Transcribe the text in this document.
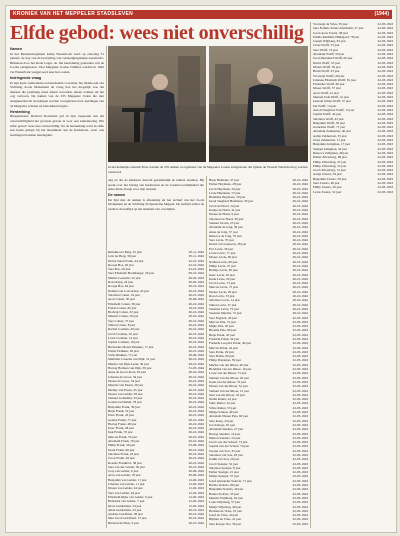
KRONIEK VAN HET MEPPELER STADSLEVEN	(1944)
Elfde gebod: wees niet onverschillig
In het kerkelijk centrum Trias werden de 235 namen voorgelezen van de Meppeler Joodse stadgenoten die tijdens de Tweede Wereldoorlog werden vermoord.
Namen

In het Bestuurslogement kamp Westerbork werd op zaterdag 31 januari, de dag van de bevrijding van vernietigingskamp Auschwitz-Birkenau door het Rode Leger, de 16e herdenking gehouden van de Joodse stadgenoten. Veel Meppeler Joodse families werden in 1942 via Westerbork weggevoerd naar het oosten.

Indringende vraag

In zijn korte welkomstwoord herhaalde voorzitter Jan Oldeboom van Stichting Joods Monument de vraag hoe het mogelijk was dat mensen die jarenlang naast elkaar woonden, elkaar zomaar uit het oog verloren. De namen van de 235 Meppeler Joden die niet terugkeerden uit de kampen werden voorgelezen door leerlingen van de Meppeler scholen en betrokken burgers.

Herdenking

Burgemeester Richard Korteland gaf in zijn toespraak aan dat onverschilligheid het grootste gevaar is voor een samenleving. Het elfde gebod: wees niet onverschillig. Na de herdenking werd in stilte een krans gelegd bij het monument aan de Kerkstraat, waar ook leerlingen bloemen neerlegden.

dag en dat de kinderen daarom gezamenlijk de namen noemen. Hij sprak over het belang van herinneren en de verantwoordelijkheid die ieder mens draagt voor zijn naasten.

De namen

De lijst met de namen is afkomstig uit het archief van het Joods Monument en de Stichting Stolpersteine Meppel. De leeftijd achter de naam is de leeftijd op het moment van overlijden.

Rebekka ter Berg, 32 jaar	05-11-1942
Levi ter Berg, 36 jaar	05-11-1942
David Jakob Polak, 44 jaar	22-10-1942
Roosje Bos, 29 jaar	22-10-1942
Sara Bos, 29 jaar	22-10-1942
Sara Elisabeth Bromberger, 29 jaar	09-10-1942
Martha Leeuwin, 32 jaar	26-02-1943
Rosa Rapp, 24 jaar	26-02-1943
Roosje Bos, 64 jaar	26-10-1942
Nathan van Coevorden, 45 jaar	26-10-1942
Salomon Cohen, 34 jaar	26-10-1942
Aron Cohen, 30 jaar	30-09-1942
Elisabeth Cohen, 36 jaar	26-10-1942
Freida Cohen, 60 jaar	19-10-1942
Hedwig Cohen, 32 jaar	26-10-1942
Maurits Cohen, 56 jaar	26-10-1942
Sara Cohen, 37 jaar	26-10-1942
Simon Cohen, 8 jaar	26-10-1942
Rachel Cosman, 40 jaar	26-10-1942
Jacob Cosman, 45 jaar	26-10-1942
Levie Cosman, 14 jaar	26-10-1942
Sophia Cosman, 18 jaar	26-10-1942
Bernardus Mozes Drukker, 17 jaar	26-10-1942
Esther Drukker, 26 jaar	26-10-1942
Sofia Drukker, 71 jaar	28-09-1942
Mathilde Cornelia van Dijk, 31 jaar	26-10-1942
Martha van Dijk-Lezer, 36 jaar	26-10-1942
Hartog Harmen van Dijk, 39 jaar	31-03-1944
Anna de Groot-Kool, 63 jaar	26-10-1942
Johanna de Groot, 34 jaar	26-10-1942
Mozes de Groot, 34 jaar	26-10-1942
Mauritz van Essen, 36 jaar	26-10-1942
Dientje van Essen, 45 jaar	26-10-1942
Mozes van Gelder, 58 jaar	26-10-1942
Samuel Goldsmid, 33 jaar	26-10-1942
Gosina Goldsmid, 78 jaar	26-10-1942
Benjamin Frank, 39 jaar	26-10-1942
Betje Frank, 52 jaar	26-10-1942
Ester Frank, 43 jaar	26-10-1942
Gezina Frank, 77 jaar	26-10-1942
Hartog Frank, 48 jaar	26-10-1942
Isaac Frank, 48 jaar	26-10-1942
Isak Frank, 70 jaar	26-10-1942
Marcus Frank, 35 jaar	26-10-1942
Abraham Frank, 76 jaar	26-10-1942
Philip Frank, 36 jaar	03-09-1942
Israel Frank, 69 jaar	26-10-1942
Salomon Frank, 43 jaar	26-10-1942
Jacob Frank, 28 jaar	26-10-1942
Rosette Frankfort, 38 jaar	26-10-1942
Sara van der Gelder, 36 jaar	26-10-1942
Joop van Gelder, 6 jaar	30-09-1942
Aron van Gelder, 78 jaar	30-09-1942
Benjamin van Gelder, 11 jaar	12-02-1943
Johanna van Gelder, 11 jaar	12-02-1943
Mozes van Gelder, 44 jaar	12-02-1943
Sara van Gelder, 44 jaar	12-02-1943
Elisabeth Rijke van Gelder, 6 jaar	12-02-1943
Henriette van Gelder, 7 jaar	12-02-1943
Klara Gelderman, 54 jaar	12-02-1943
Alida Gelderman, 43 jaar	26-10-1942
Andries Goldfried, 38 jaar	26-10-1942
Max Jacob Goldfried, 12 jaar	26-10-1942
Bernard de Haas, 6 jaar	26-10-1942
Betje Heimans, 37 jaar	26-10-1942
Esther Heymans, 28 jaar	26-10-1942
Jacob Heymans, 34 jaar	26-10-1942
Levie Heymans, 72 jaar	26-10-1942
Hendrika Heymans, 59 jaar	26-10-1942
Israel Siegfried Hofmann, 30 jaar	26-10-1942
Jacob de Hond, 14 jaar	26-10-1942
Kaatje de Hond, 41 jaar	26-10-1942
Mozes de Hond, 9 jaar	26-10-1942
Salomon de Hond, 39 jaar	26-10-1942
Samuel Jacobs, 25 jaar	26-10-1942
Abraham de Jong, 39 jaar	26-10-1942
Anna de Jong, 37 jaar	26-10-1942
Rebecca de Jong, 70 jaar	26-10-1942
Sara Levie, 70 jaar	26-10-1942
David van Leeuwen, 28 jaar	26-10-1942
Eva Levie, 36 jaar	26-10-1942
Levie Levie, 71 jaar	26-10-1942
Mozes Levie, 69 jaar	26-10-1942
Nathan Levie, 60 jaar	26-10-1942
Philip Levie, 47 jaar	26-10-1942
Heintje Levie, 40 jaar	26-10-1942
Isaac Levie, 63 jaar	26-10-1942
Izaak Levie, 20 jaar	26-10-1942
Jacob Levie, 73 jaar	26-10-1942
Marcus Levie, 75 jaar	26-10-1942
Mozes Levie, 29 jaar	26-10-1942
Rosa Levie, 33 jaar	26-10-1942
Salomon Levie, 14 jaar	26-10-1942
Simon Levie, 37 jaar	26-10-1942
Susanna Levie, 72 jaar	26-10-1942
Susanna Maurits, 72 jaar	26-10-1942
Sara Pagrach, 26 jaar	22-03-1943
Marcus Pais, 72 jaar	22-03-1943
Mijke Pais, 45 jaar	22-03-1943
Bloeme Pais, 80 jaar	22-03-1943
Betje Polak, 45 jaar	22-03-1943
Frederik Polak, 34 jaar	22-03-1943
Frederik Leopold Polak, 46 jaar	22-03-1943
Marcus Polak, 42 jaar	22-03-1943
Sara Polak, 29 jaar	22-03-1943
Sara Pruim, 69 jaar	22-03-1943
Philip Pruisman, 39 jaar	22-03-1943
Marthe van der Rhoer, 49 jaar	22-03-1943
Hendrika van der Rhoer, 16 jaar	22-03-1943
Levie van der Rhoer, 73 jaar	22-03-1943
Samuel van der Rhoer, 20 jaar	22-03-1943
Isaak van der Rhoer, 53 jaar	22-03-1943
Mozes van der Rhoer, 52 jaar	22-03-1943
Samuel van der Rhoer, 12 jaar	22-03-1943
Sara van der Rhoer, 32 jaar	22-03-1943
Nellie Ruiter, 24 jaar	22-03-1943
Sally Ruiter, 32 jaar	22-03-1943
Silvie Ruiter, 55 jaar	22-03-1943
Mietje Santen, 40 jaar	22-03-1943
Abraham Nissen Pais, 60 jaar	22-03-1943
Sara Roep, 43 jaar	22-03-1943
Jacob Roep, 81 jaar	22-03-1943
Abraham Sanders, 27 jaar	22-03-1943
Hartog Sanders, 14 jaar	22-03-1943
Marten Sanders, 52 jaar	22-03-1943
Jacob van der Schaaf, 73 jaar	22-03-1943
Sophia van der Schaaf, 74 jaar	22-03-1943
Saartje van Son, 35 jaar	22-03-1943
Salomon van Son, 63 jaar	22-03-1943
Judith van Son, 29 jaar	22-03-1943
Jacob Spanjar, 52 jaar	22-03-1943
Salomon Spanjar, 8 jaar	22-03-1943
Esther Spanjar, 21 jaar	22-03-1943
Mietje Spanjar, 57 jaar	22-03-1943
Jozef Alexander Stokvis, 71 jaar	22-03-1943
Bertha Stokvis, 69 jaar	22-03-1943
Benjamin Stokvis, 40 jaar	22-03-1943
Hanna Stokvis, 33 jaar	22-03-1943
Maurits Wijnberg, 62 jaar	22-03-1943
Louis Wijnberg, 57 jaar	22-03-1943
Mietje Wijnberg, 40 jaar	22-03-1943
Herman de Vries, 19 jaar	22-03-1943
Jozef de Vries, 44 jaar	22-03-1943
Hijman de Vries, 41 jaar	22-03-1943
Sara Roosje Vos, 36 jaar	22-03-1943
Vrouwtje de Vries, 39 jaar	22-03-1943
Sara Femma Trautz-Wertheim, 27 jaar	22-03-1943
Jacob Aron Trautz, 38 jaar	22-03-1943
Emilie Mathilde Hildegard, 78 jaar	22-03-1943
Joseph Wijnberg, 63 jaar	22-03-1943
Levie Wolff, 73 jaar	22-03-1943
Sara Wolff, 73 jaar	22-03-1943
Abraham Wolff, 50 jaar	22-03-1943
Jacob Bernhard Wolff, 60 jaar	22-03-1943
David Wolff, 53 jaar	22-03-1943
Mozes Wolff, 39 jaar	22-03-1943
Harm Wolff, 33 jaar	22-03-1943
Vrouwtje Wolff, 20 jaar	22-03-1943
Johanna Elisabeth Wolff, 81 jaar	22-03-1943
Frederika Wolff, 60 jaar	22-03-1943
Mozes Wolff, 57 jaar	22-03-1943
Aron Wolff, 41 jaar	22-03-1943
Manuel Juda Wolff, 41 jaar	22-03-1943
Gustaaf Julius Wolff, 37 jaar	22-03-1943
Ida Wolff, 14 jaar	22-03-1943
Arnold Siegfried Wolff, 13 jaar	22-03-1943
Sophie Wolff, 44 jaar	22-03-1943
Salomon Wolff, 43 jaar	22-03-1943
Benjamin Wolff, 39 jaar	22-03-1943
Gerardina Wolff, 71 jaar	22-03-1943
Abraham Zeldenrust, 40 jaar	22-03-1943
Aaltje Zeldenrust, 35 jaar	22-03-1943
Clara Zeldenrust, 11 jaar	22-03-1943
Benjamin Zeligman, 17 jaar	22-03-1943
Samuel Zeligman, 54 jaar	22-03-1943
Rebecca Zeligman, 48 jaar	22-03-1943
Esther Zilverberg, 68 jaar	22-03-1943
Philip Zilverberg, 47 jaar	22-03-1943
Philip Zilverberg, 52 jaar	22-03-1943
Jacob Zilverberg, 51 jaar	22-03-1943
Aaltje Zwiers, 59 jaar	22-03-1943
Benjamin Zwiers, 59 jaar	22-03-1943
Sara Zwiers, 48 jaar	22-03-1943
Philip Zwiers, 50 jaar	22-03-1943
Levie Zwiers, 52 jaar	22-03-1943
